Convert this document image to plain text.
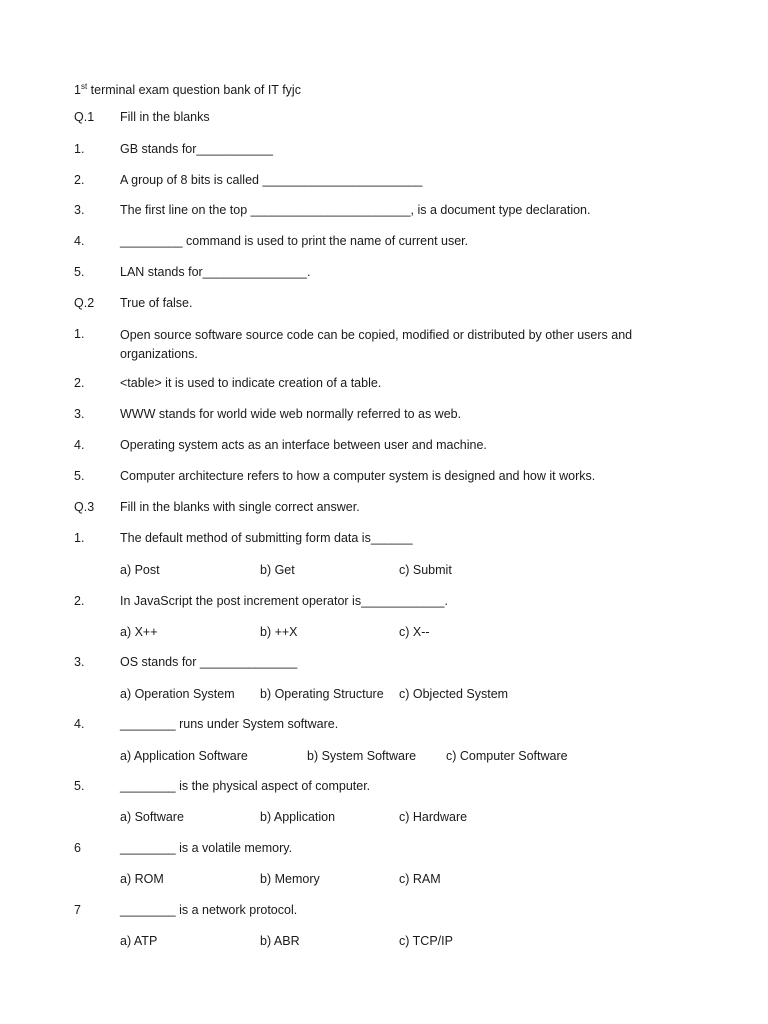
1st terminal exam question bank of IT fyjc
Q.1 Fill in the blanks
1.	GB stands for___________
2.	A group of 8 bits is called _______________________
3.	The first line on the top _______________________, is a document type declaration.
4.	_________ command is used to print the name of current user.
5.	LAN stands for_______________.
Q.2 True of false.
1.	Open source software source code can be copied, modified or distributed by other users and organizations.
2.	<table> it is used to indicate creation of a table.
3.	WWW stands for world wide web normally referred to as web.
4.	Operating system acts as an interface between user and machine.
5.	Computer architecture refers to how a computer system is designed and how it works.
Q.3 Fill in the blanks with single correct answer.
1.	The default method of submitting form data is______
a) Post	b) Get	c) Submit
2.	In JavaScript the post increment operator is____________.
a) X++	b) ++X	c) X--
3.	OS stands for ______________
a) Operation System b) Operating Structure c) Objected System
4.	________ runs under System software.
a) Application Software	b) System Software c) Computer Software
5.	________ is the physical aspect of computer.
a) Software	b) Application	c) Hardware
6	________ is a volatile memory.
a) ROM	b) Memory	c) RAM
7	________ is a network protocol.
a) ATP	b) ABR	c) TCP/IP
